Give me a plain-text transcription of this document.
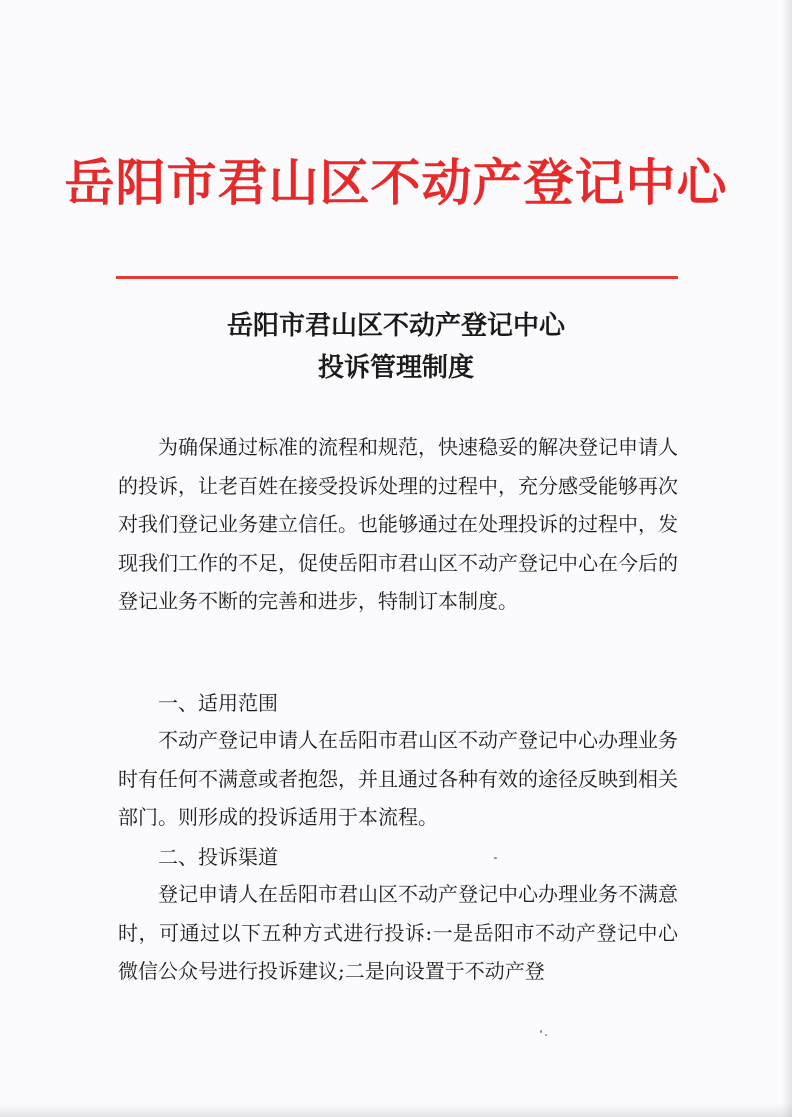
岳阳市君山区不动产登记中心
岳阳市君山区不动产登记中心
投诉管理制度

为确保通过标准的流程和规范，快速稳妥的解决登记申请人的投诉，让老百姓在接受投诉处理的过程中，充分感受能够再次对我们登记业务建立信任。也能够通过在处理投诉的过程中，发现我们工作的不足，促使岳阳市君山区不动产登记中心在今后的登记业务不断的完善和进步，特制订本制度。

一、适用范围

不动产登记申请人在岳阳市君山区不动产登记中心办理业务时有任何不满意或者抱怨，并且通过各种有效的途径反映到相关部门。则形成的投诉适用于本流程。

二、投诉渠道

登记申请人在岳阳市君山区不动产登记中心办理业务不满意时，可通过以下五种方式进行投诉:一是岳阳市不动产登记中心微信公众号进行投诉建议;二是向设置于不动产登
